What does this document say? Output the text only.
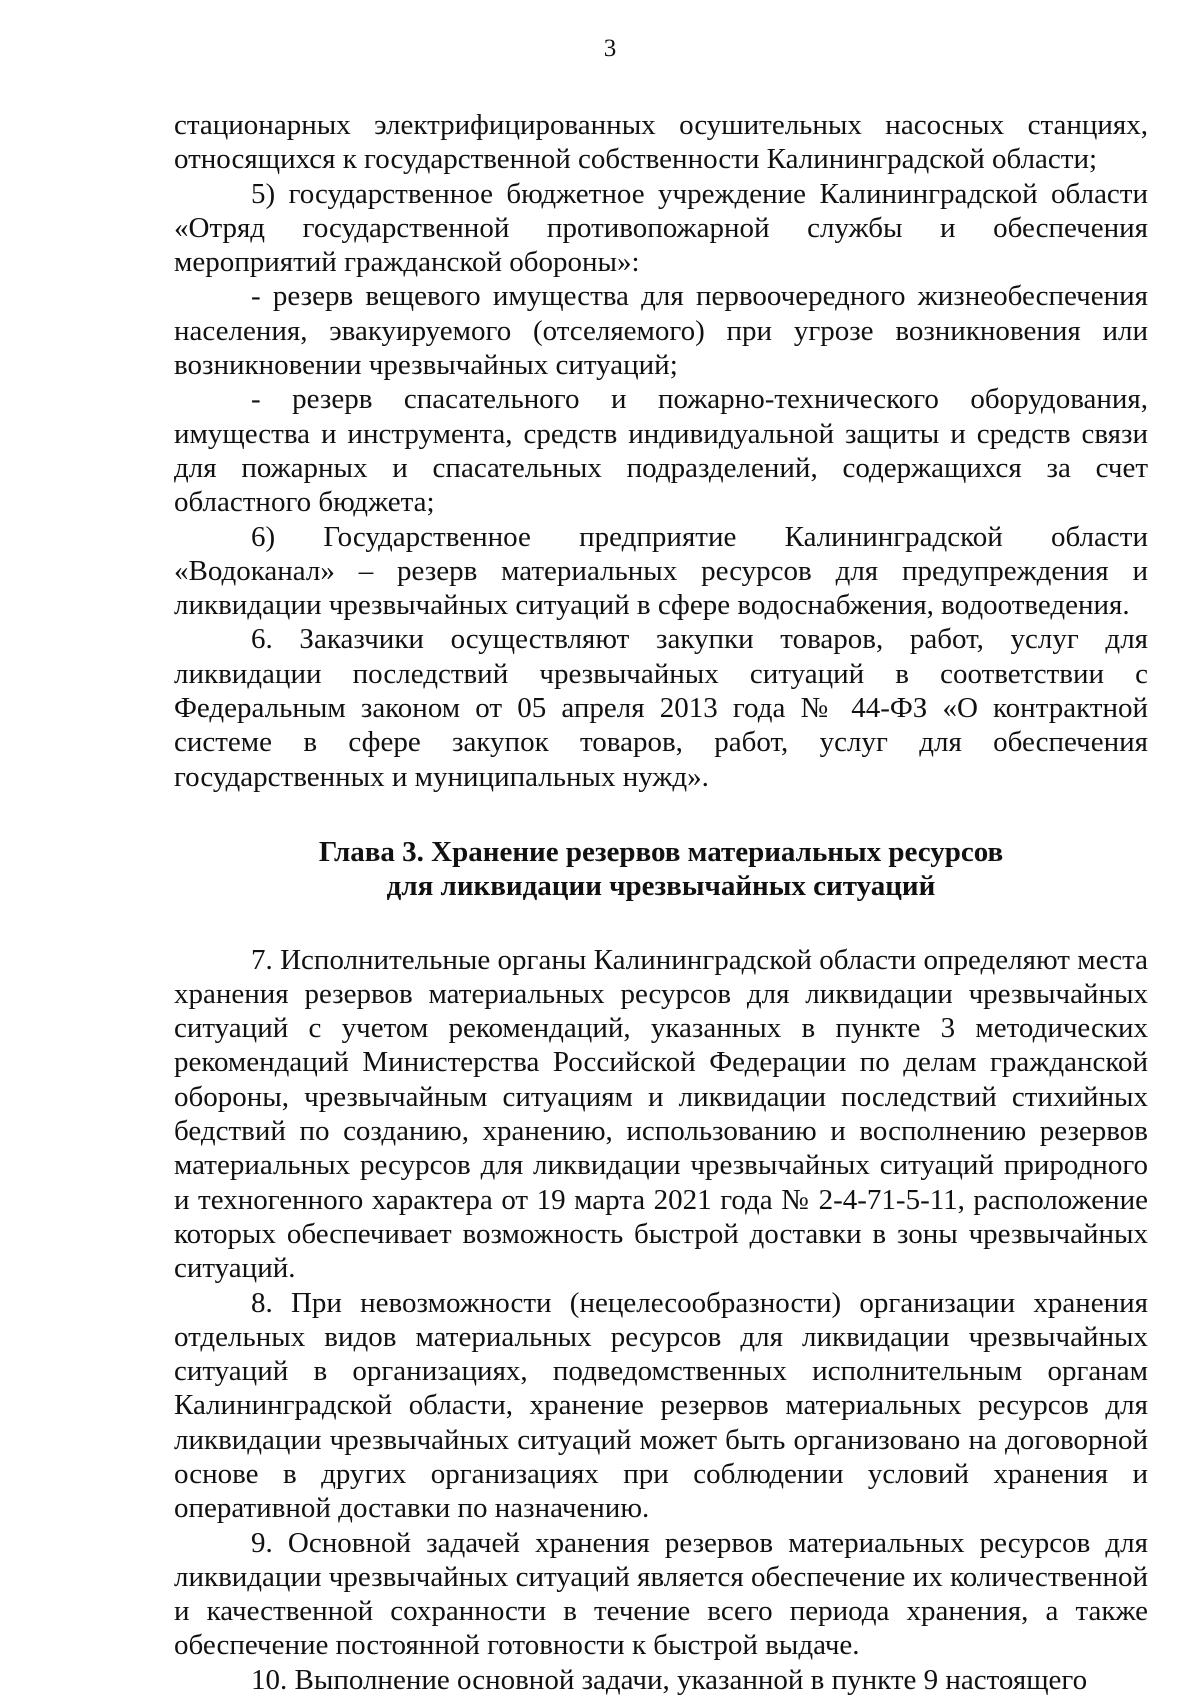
3

стационарных электрифицированных осушительных насосных станциях, относящихся к государственной собственности Калининградской области;

5) государственное бюджетное учреждение Калининградской области «Отряд государственной противопожарной службы и обеспечения мероприятий гражданской обороны»:

- резерв вещевого имущества для первоочередного жизнеобеспечения населения, эвакуируемого (отселяемого) при угрозе возникновения или возникновении чрезвычайных ситуаций;

- резерв спасательного и пожарно-технического оборудования, имущества и инструмента, средств индивидуальной защиты и средств связи для пожарных и спасательных подразделений, содержащихся за счет областного бюджета;

6) Государственное предприятие Калининградской области «Водоканал» – резерв материальных ресурсов для предупреждения и ликвидации чрезвычайных ситуаций в сфере водоснабжения, водоотведения.

6. Заказчики осуществляют закупки товаров, работ, услуг для ликвидации последствий чрезвычайных ситуаций в соответствии с Федеральным законом от 05 апреля 2013 года № 44-ФЗ «О контрактной системе в сфере закупок товаров, работ, услуг для обеспечения государственных и муниципальных нужд».

Глава 3. Хранение резервов материальных ресурсов
для ликвидации чрезвычайных ситуаций

7. Исполнительные органы Калининградской области определяют места хранения резервов материальных ресурсов для ликвидации чрезвычайных ситуаций с учетом рекомендаций, указанных в пункте 3 методических рекомендаций Министерства Российской Федерации по делам гражданской обороны, чрезвычайным ситуациям и ликвидации последствий стихийных бедствий по созданию, хранению, использованию и восполнению резервов материальных ресурсов для ликвидации чрезвычайных ситуаций природного и техногенного характера от 19 марта 2021 года № 2-4-71-5-11, расположение которых обеспечивает возможность быстрой доставки в зоны чрезвычайных ситуаций.

8. При невозможности (нецелесообразности) организации хранения отдельных видов материальных ресурсов для ликвидации чрезвычайных ситуаций в организациях, подведомственных исполнительным органам Калининградской области, хранение резервов материальных ресурсов для ликвидации чрезвычайных ситуаций может быть организовано на договорной основе в других организациях при соблюдении условий хранения и оперативной доставки по назначению.

9. Основной задачей хранения резервов материальных ресурсов для ликвидации чрезвычайных ситуаций является обеспечение их количественной и качественной сохранности в течение всего периода хранения, а также обеспечение постоянной готовности к быстрой выдаче.

10. Выполнение основной задачи, указанной в пункте 9 настоящего
